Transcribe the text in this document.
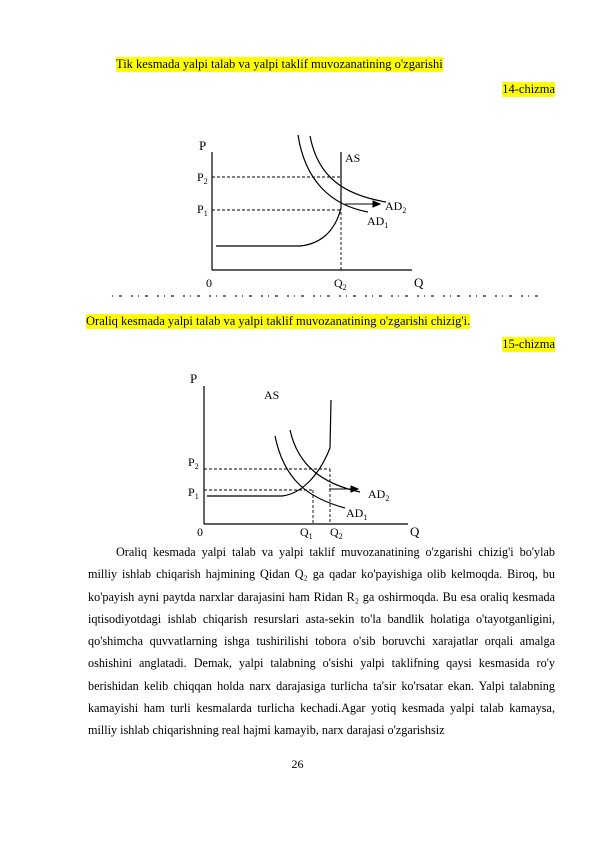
Tik kesmada yalpi talab va yalpi taklif muvozanatining o'zgarishi
14-chizma
P
$P_2$
$P_1$
0	$Q_2$	Q
AS
$AD_2$
$AD_1$
Oraliq kesmada yalpi talab va yalpi taklif muvozanatining o'zgarishi chizig'i.
15-chizma
P
AS
$P_2$
$P_1$
0	$Q_1$ $Q_2$	Q
$AD_2$
$AD_1$

Oraliq kesmada yalpi talab va yalpi taklif muvozanatining o'zgarishi chizig'i bo'ylab milliy ishlab chiqarish hajmining Qidan Q₂ ga qadar ko'payishiga olib kelmoqda. Biroq, bu ko'payish ayni paytda narxlar darajasini ham Ridan R₂ ga oshirmoqda. Bu esa oraliq kesmada iqtisodiyotdagi ishlab chiqarish resurslari asta-sekin to'la bandlik holatiga o'tayotganligini, qo'shimcha quvvatlarning ishga tushirilishi tobora o'sib boruvchi xarajatlar orqali amalga oshishini anglatadi. Demak, yalpi talabning o'sishi yalpi taklifning qaysi kesmasida ro'y berishidan kelib chiqqan holda narx darajasiga turlicha ta'sir ko'rsatar ekan. Yalpi talabning kamayishi ham turli kesmalarda turlicha kechadi.Agar yotiq kesmada yalpi talab kamaysa, milliy ishlab chiqarishning real hajmi kamayib, narx darajasi o'zgarishsiz

26
